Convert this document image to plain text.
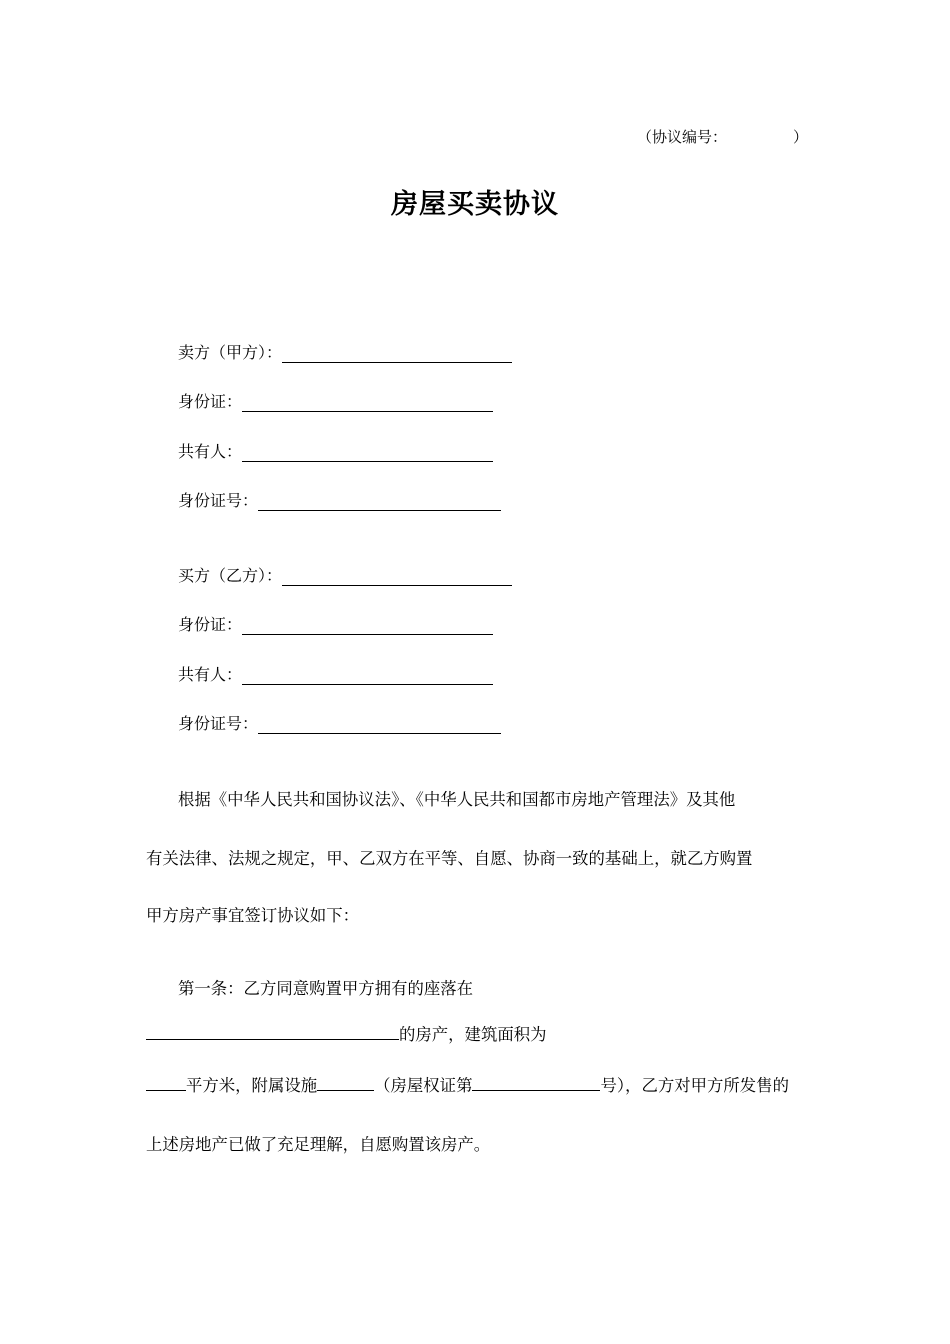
（协议编号：	）
房屋买卖协议
卖方（甲方）：
身份证：
共有人：
身份证号：
买方（乙方）：
身份证：
共有人：
身份证号：
根据《中华人民共和国协议法》、《中华人民共和国都市房地产管理法》及其他
有关法律、法规之规定，甲、乙双方在平等、自愿、协商一致的基础上，就乙方购置
甲方房产事宜签订协议如下：
第一条：乙方同意购置甲方拥有的座落在
的房产，建筑面积为
平方米，附属设施	（房屋权证第	号），乙方对甲方所发售的
上述房地产已做了充足理解，自愿购置该房产。
